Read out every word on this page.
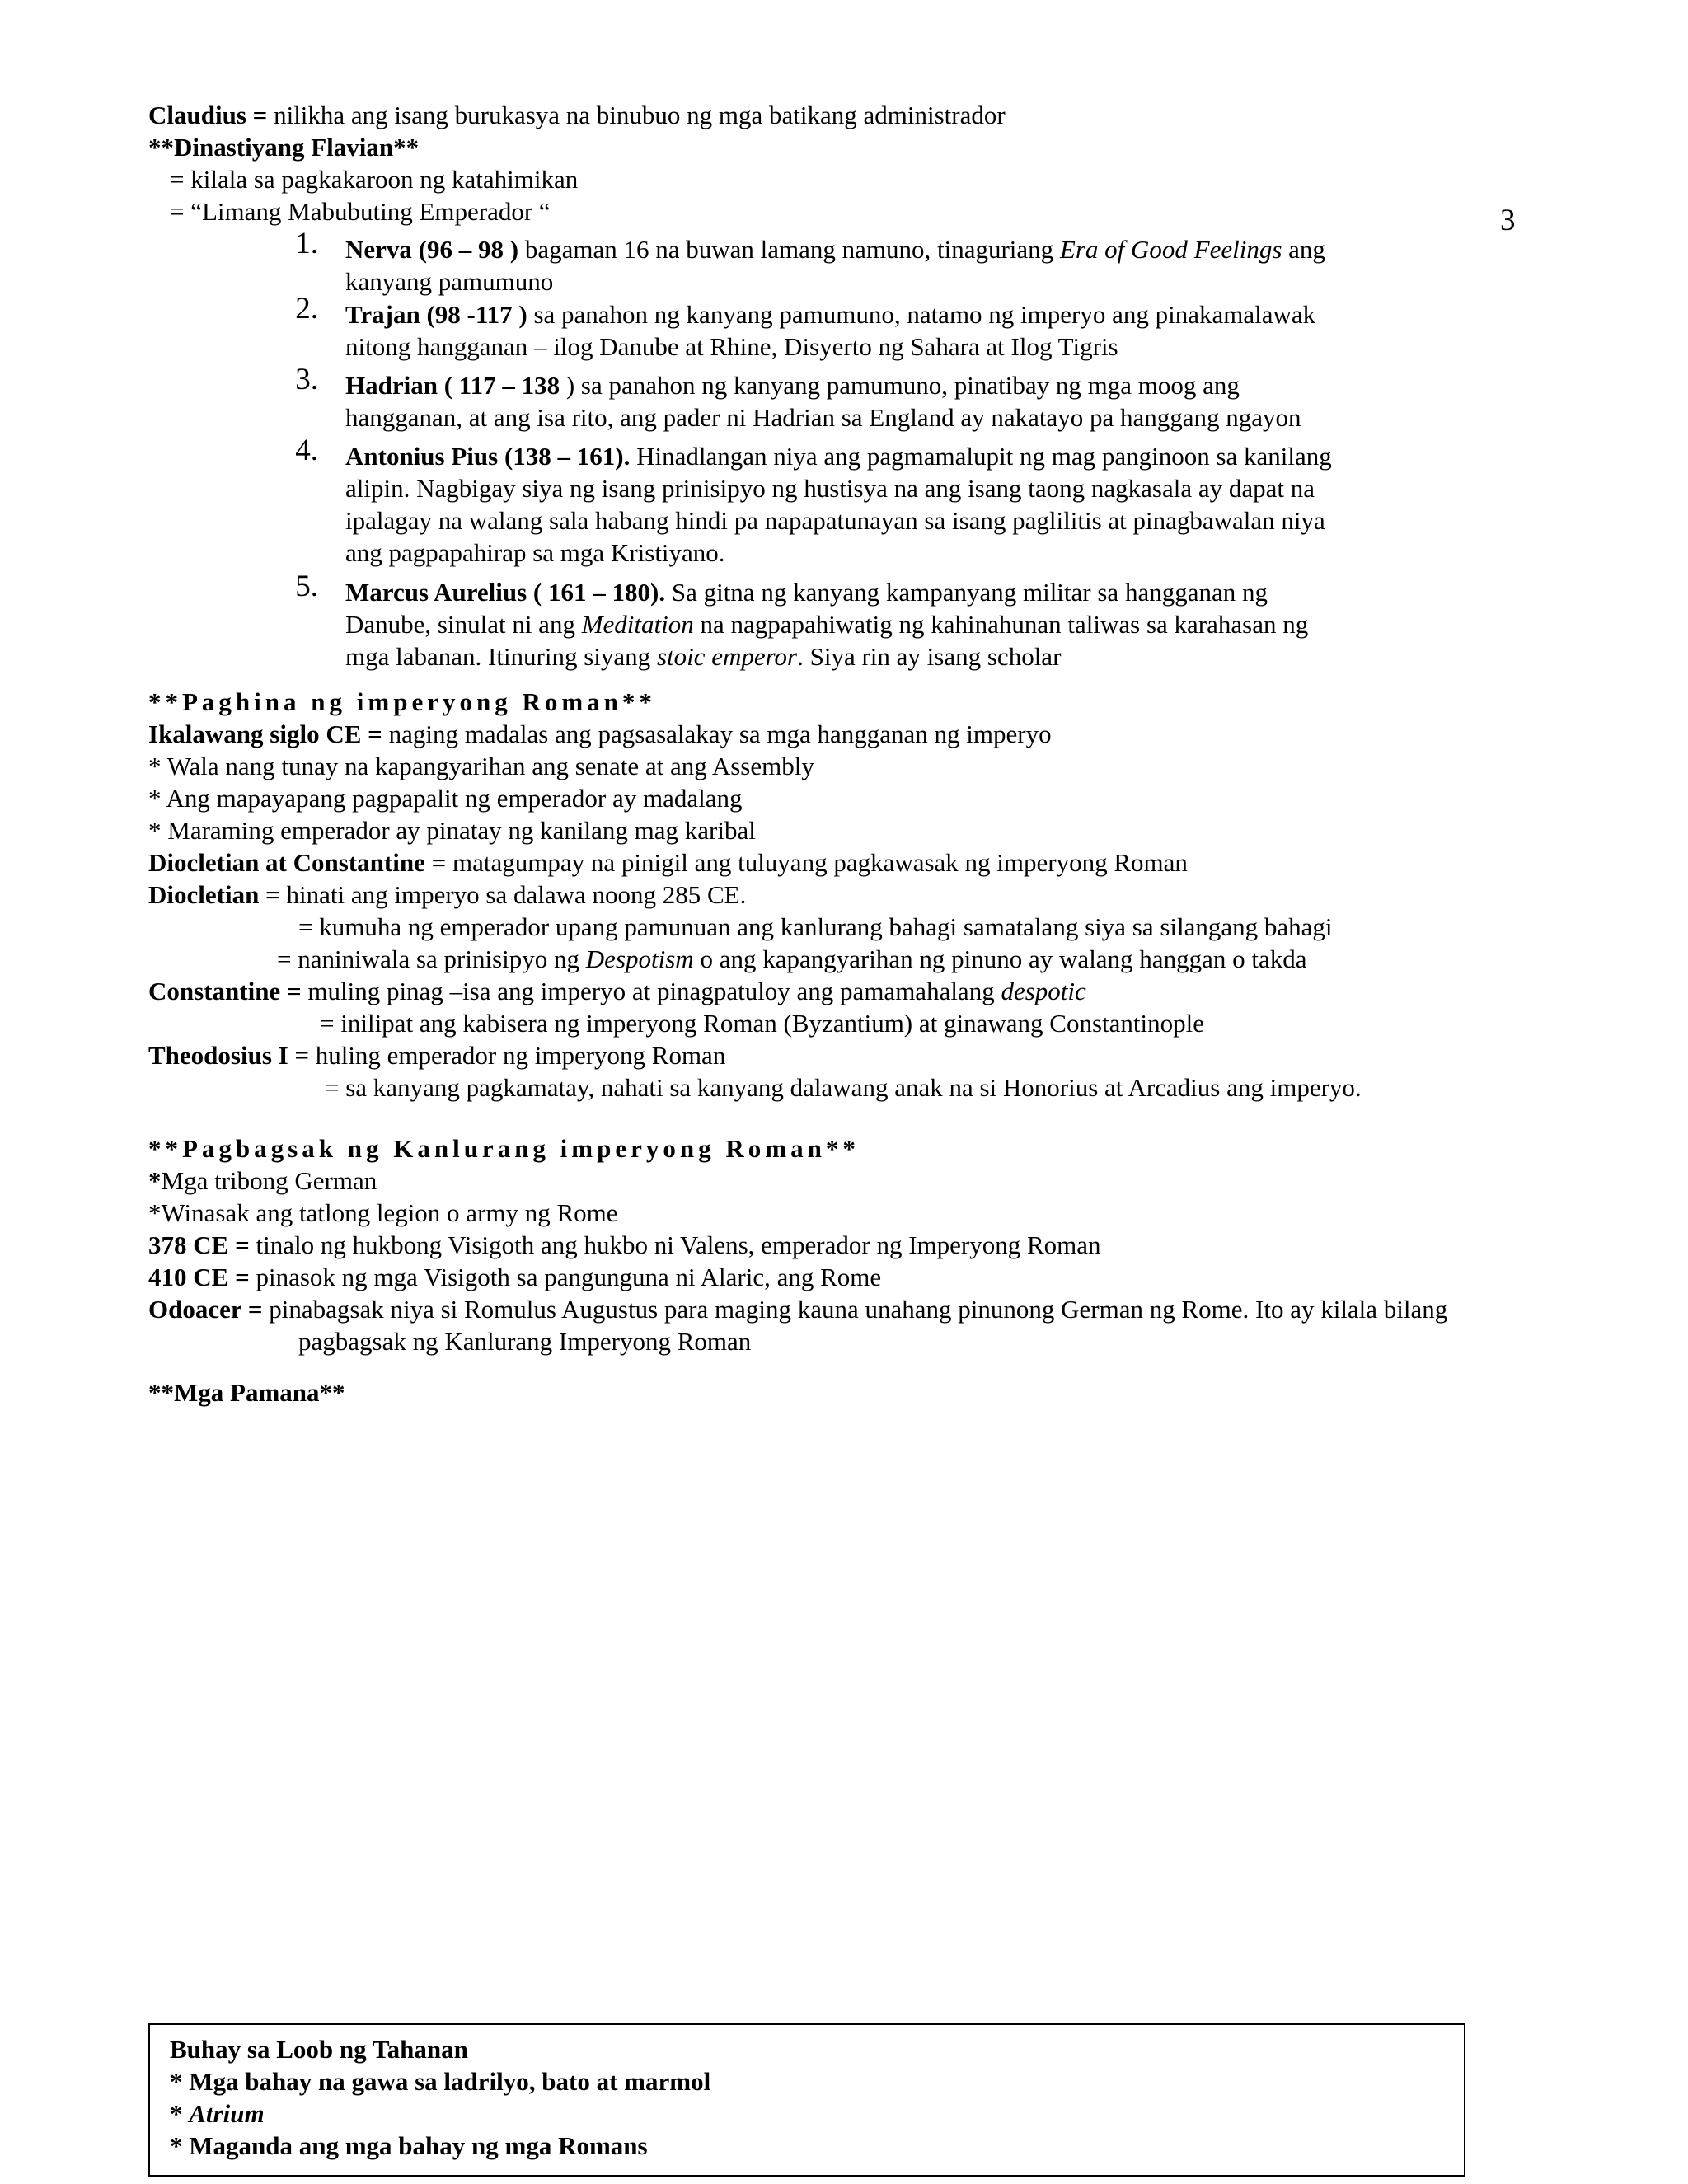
3
Claudius = nilikha ang isang burukasya na binubuo ng mga batikang administrador
**Dinastiyang Flavian**
= kilala sa pagkakaroon ng katahimikan
= “Limang Mabubuting Emperador “
1. Nerva (96 – 98 ) bagaman 16 na buwan lamang namuno, tinaguriang Era of Good Feelings ang
kanyang pamumuno
2. Trajan (98 -117 ) sa panahon ng kanyang pamumuno, natamo ng imperyo ang pinakamalawak
nitong hangganan – ilog Danube at Rhine, Disyerto ng Sahara at Ilog Tigris
3. Hadrian ( 117 – 138 ) sa panahon ng kanyang pamumuno, pinatibay ng mga moog ang
hangganan, at ang isa rito, ang pader ni Hadrian sa England ay nakatayo pa hanggang ngayon
4. Antonius Pius (138 – 161). Hinadlangan niya ang pagmamalupit ng mag panginoon sa kanilang
alipin. Nagbigay siya ng isang prinisipyo ng hustisya na ang isang taong nagkasala ay dapat na
ipalagay na walang sala habang hindi pa napapatunayan sa isang paglilitis at pinagbawalan niya
ang pagpapahirap sa mga Kristiyano.
5. Marcus Aurelius ( 161 – 180). Sa gitna ng kanyang kampanyang militar sa hangganan ng
Danube, sinulat ni ang Meditation na nagpapahiwatig ng kahinahunan taliwas sa karahasan ng
mga labanan. Itinuring siyang stoic emperor. Siya rin ay isang scholar
**Paghina ng imperyong Roman**
Ikalawang siglo CE = naging madalas ang pagsasalakay sa mga hangganan ng imperyo
* Wala nang tunay na kapangyarihan ang senate at ang Assembly
* Ang mapayapang pagpapalit ng emperador ay madalang
* Maraming emperador ay pinatay ng kanilang mag karibal
Diocletian at Constantine = matagumpay na pinigil ang tuluyang pagkawasak ng imperyong Roman
Diocletian = hinati ang imperyo sa dalawa noong 285 CE.
= kumuha ng emperador upang pamunuan ang kanlurang bahagi samatalang siya sa silangang bahagi
= naniniwala sa prinisipyo ng Despotism o ang kapangyarihan ng pinuno ay walang hanggan o takda
Constantine = muling pinag –isa ang imperyo at pinagpatuloy ang pamamahalang despotic
= inilipat ang kabisera ng imperyong Roman (Byzantium) at ginawang Constantinople
Theodosius I = huling emperador ng imperyong Roman
= sa kanyang pagkamatay, nahati sa kanyang dalawang anak na si Honorius at Arcadius ang imperyo.
**Pagbagsak ng Kanlurang imperyong Roman**
*Mga tribong German
*Winasak ang tatlong legion o army ng Rome
378 CE = tinalo ng hukbong Visigoth ang hukbo ni Valens, emperador ng Imperyong Roman
410 CE = pinasok ng mga Visigoth sa pangunguna ni Alaric, ang Rome
Odoacer = pinabagsak niya si Romulus Augustus para maging kauna unahang pinunong German ng Rome. Ito ay kilala bilang
pagbagsak ng Kanlurang Imperyong Roman
**Mga Pamana**
Buhay sa Loob ng Tahanan
* Mga bahay na gawa sa ladrilyo, bato at marmol
* Atrium
* Maganda ang mga bahay ng mga Romans
